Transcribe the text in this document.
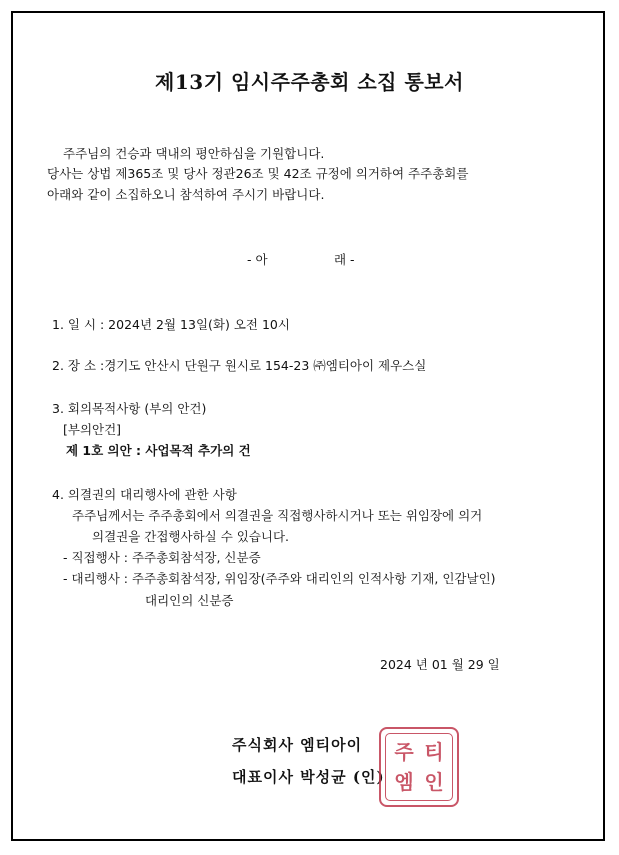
제13기 임시주주총회 소집 통보서
주주님의 건승과 댁내의 평안하심을 기원합니다.
당사는 상법 제365조 및 당사 정관26조 및 42조 규정에 의거하여 주주총회를
아래와 같이 소집하오니 참석하여 주시기 바랍니다.
- 아	래 -
1. 일 시 : 2024년 2월 13일(화) 오전 10시
2. 장 소 :경기도 안산시 단원구 원시로 154-23 ㈜엠티아이 제우스실
3. 회의목적사항 (부의 안건)
[부의안건]
제 1호 의안 : 사업목적 추가의 건
4. 의결권의 대리행사에 관한 사항
주주님께서는 주주총회에서 의결권을 직접행사하시거나 또는 위임장에 의거
의결권을 간접행사하실 수 있습니다.
- 직접행사 : 주주총회참석장, 신분증
- 대리행사 : 주주총회참석장, 위임장(주주와 대리인의 인적사항 기재, 인감날인)
대리인의 신분증
2024 년 01 월 29 일
주식회사 엠티아이
대표이사 박성균 (인)
주 티
엠 인
